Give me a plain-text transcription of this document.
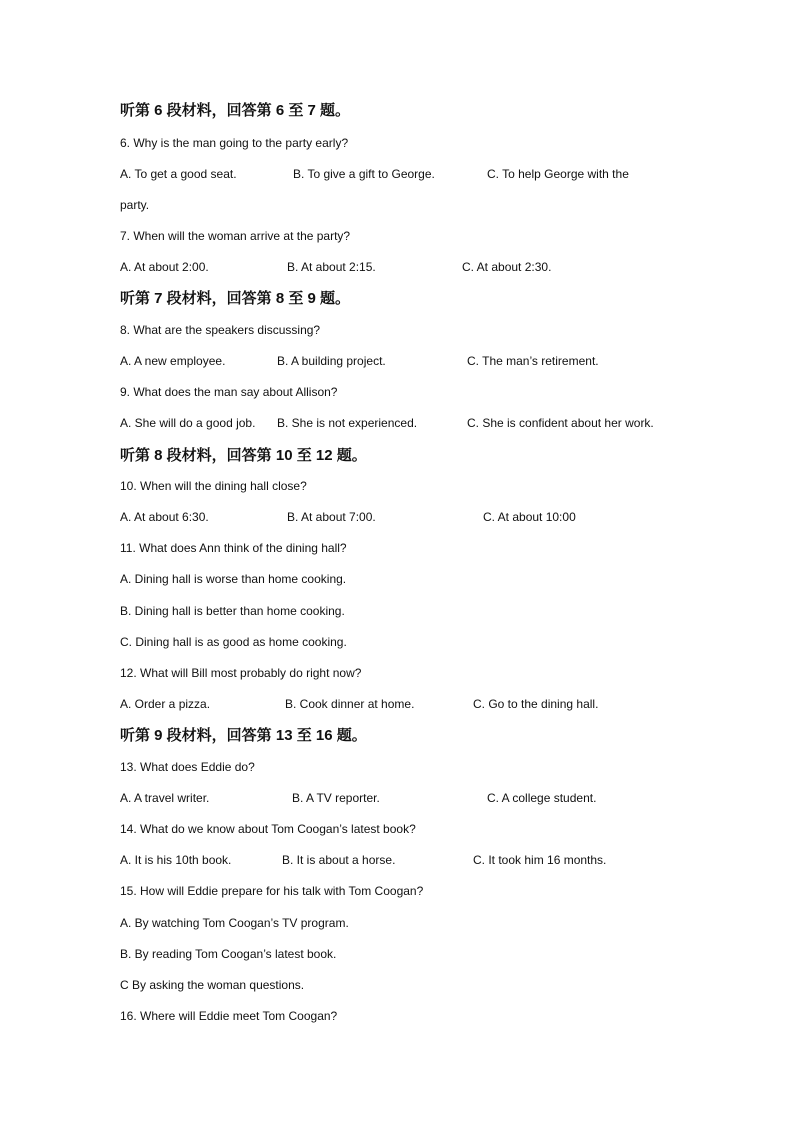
听第 6 段材料，回答第 6 至 7 题。
6. Why is the man going to the party early?
A. To get a good seat.	B. To give a gift to George.	C. To help George with the
party.
7. When will the woman arrive at the party?
A. At about 2:00.	B. At about 2:15.	C. At about 2:30.
听第 7 段材料，回答第 8 至 9 题。
8. What are the speakers discussing?
A. A new employee.	B. A building project.	C. The man’s retirement.
9. What does the man say about Allison?
A. She will do a good job. B. She is not experienced.	C. She is confident about her work.
听第 8 段材料，回答第 10 至 12 题。
10. When will the dining hall close?
A. At about 6:30.	B. At about 7:00.	C. At about 10:00
11. What does Ann think of the dining hall?
A. Dining hall is worse than home cooking.
B. Dining hall is better than home cooking.
C. Dining hall is as good as home cooking.
12. What will Bill most probably do right now?
A. Order a pizza.	B. Cook dinner at home.	C. Go to the dining hall.
听第 9 段材料，回答第 13 至 16 题。
13. What does Eddie do?
A. A travel writer.	B. A TV reporter.	C. A college student.
14. What do we know about Tom Coogan’s latest book?
A. It is his 10th book.	B. It is about a horse.	C. It took him 16 months.
15. How will Eddie prepare for his talk with Tom Coogan?
A. By watching Tom Coogan’s TV program.
B. By reading Tom Coogan’s latest book.
C By asking the woman questions.
16. Where will Eddie meet Tom Coogan?
